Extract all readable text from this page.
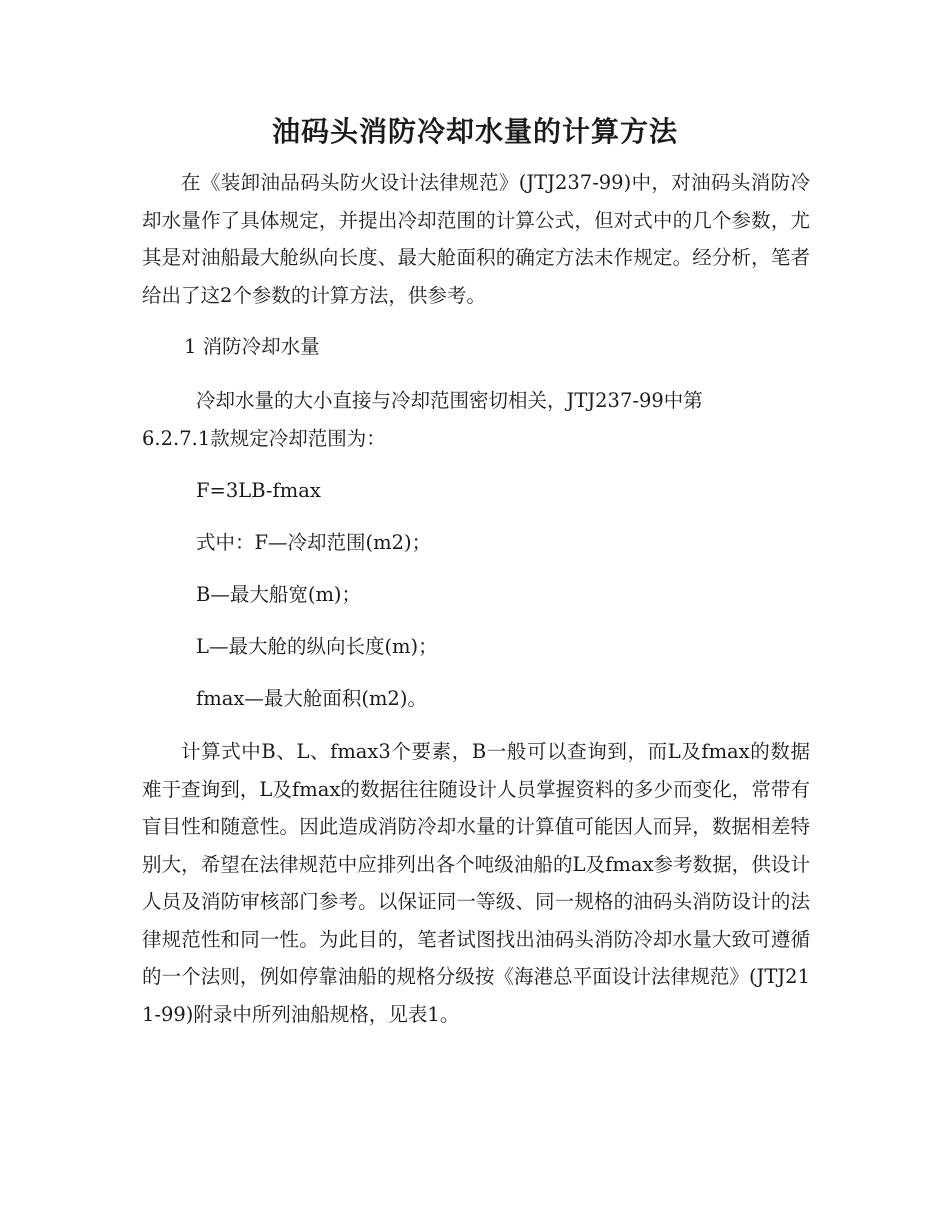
油码头消防冷却水量的计算方法

在《装卸油品码头防火设计法律规范》(JTJ237-99)中，对油码头消防冷却水量作了具体规定，并提出冷却范围的计算公式，但对式中的几个参数，尤其是对油船最大舱纵向长度、最大舱面积的确定方法未作规定。经分析，笔者给出了这2个参数的计算方法，供参考。

1 消防冷却水量

冷却水量的大小直接与冷却范围密切相关，JTJ237-99中第

6.2.7.1款规定冷却范围为：

F=3LB-fmax

式中：F—冷却范围(m2)；

B—最大船宽(m)；

L—最大舱的纵向长度(m)；

fmax—最大舱面积(m2)。

计算式中B、L、fmax3个要素，B一般可以查询到，而L及fmax的数据难于查询到，L及fmax的数据往往随设计人员掌握资料的多少而变化，常带有盲目性和随意性。因此造成消防冷却水量的计算值可能因人而异，数据相差特别大，希望在法律规范中应排列出各个吨级油船的L及fmax参考数据，供设计人员及消防审核部门参考。以保证同一等级、同一规格的油码头消防设计的法律规范性和同一性。为此目的，笔者试图找出油码头消防冷却水量大致可遵循的一个法则，例如停靠油船的规格分级按《海港总平面设计法律规范》(JTJ211-99)附录中所列油船规格，见表1。
